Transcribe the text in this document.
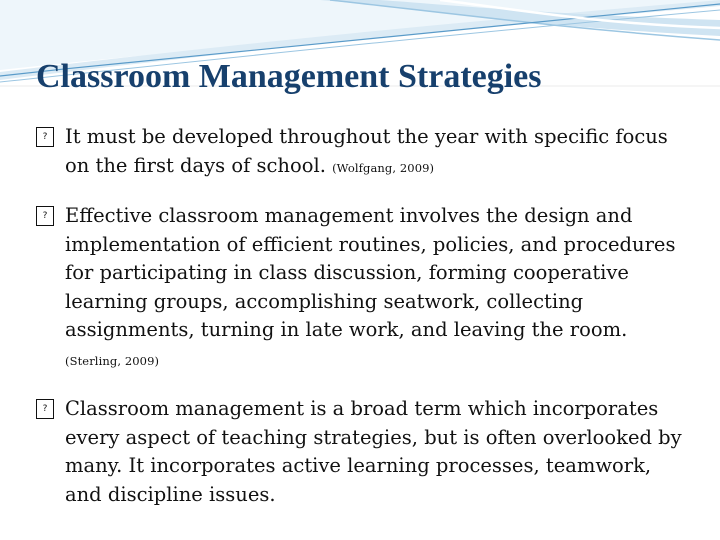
Classroom Management Strategies
? It must be developed throughout the year with specific focus on the first days of school. (Wolfgang, 2009)
? Effective classroom management involves the design and implementation of efficient routines, policies, and procedures for participating in class discussion, forming cooperative learning groups, accomplishing seatwork, collecting assignments, turning in late work, and leaving the room. (Sterling, 2009)
? Classroom management is a broad term which incorporates every aspect of teaching strategies, but is often overlooked by many. It incorporates active learning processes, teamwork, and discipline issues.
